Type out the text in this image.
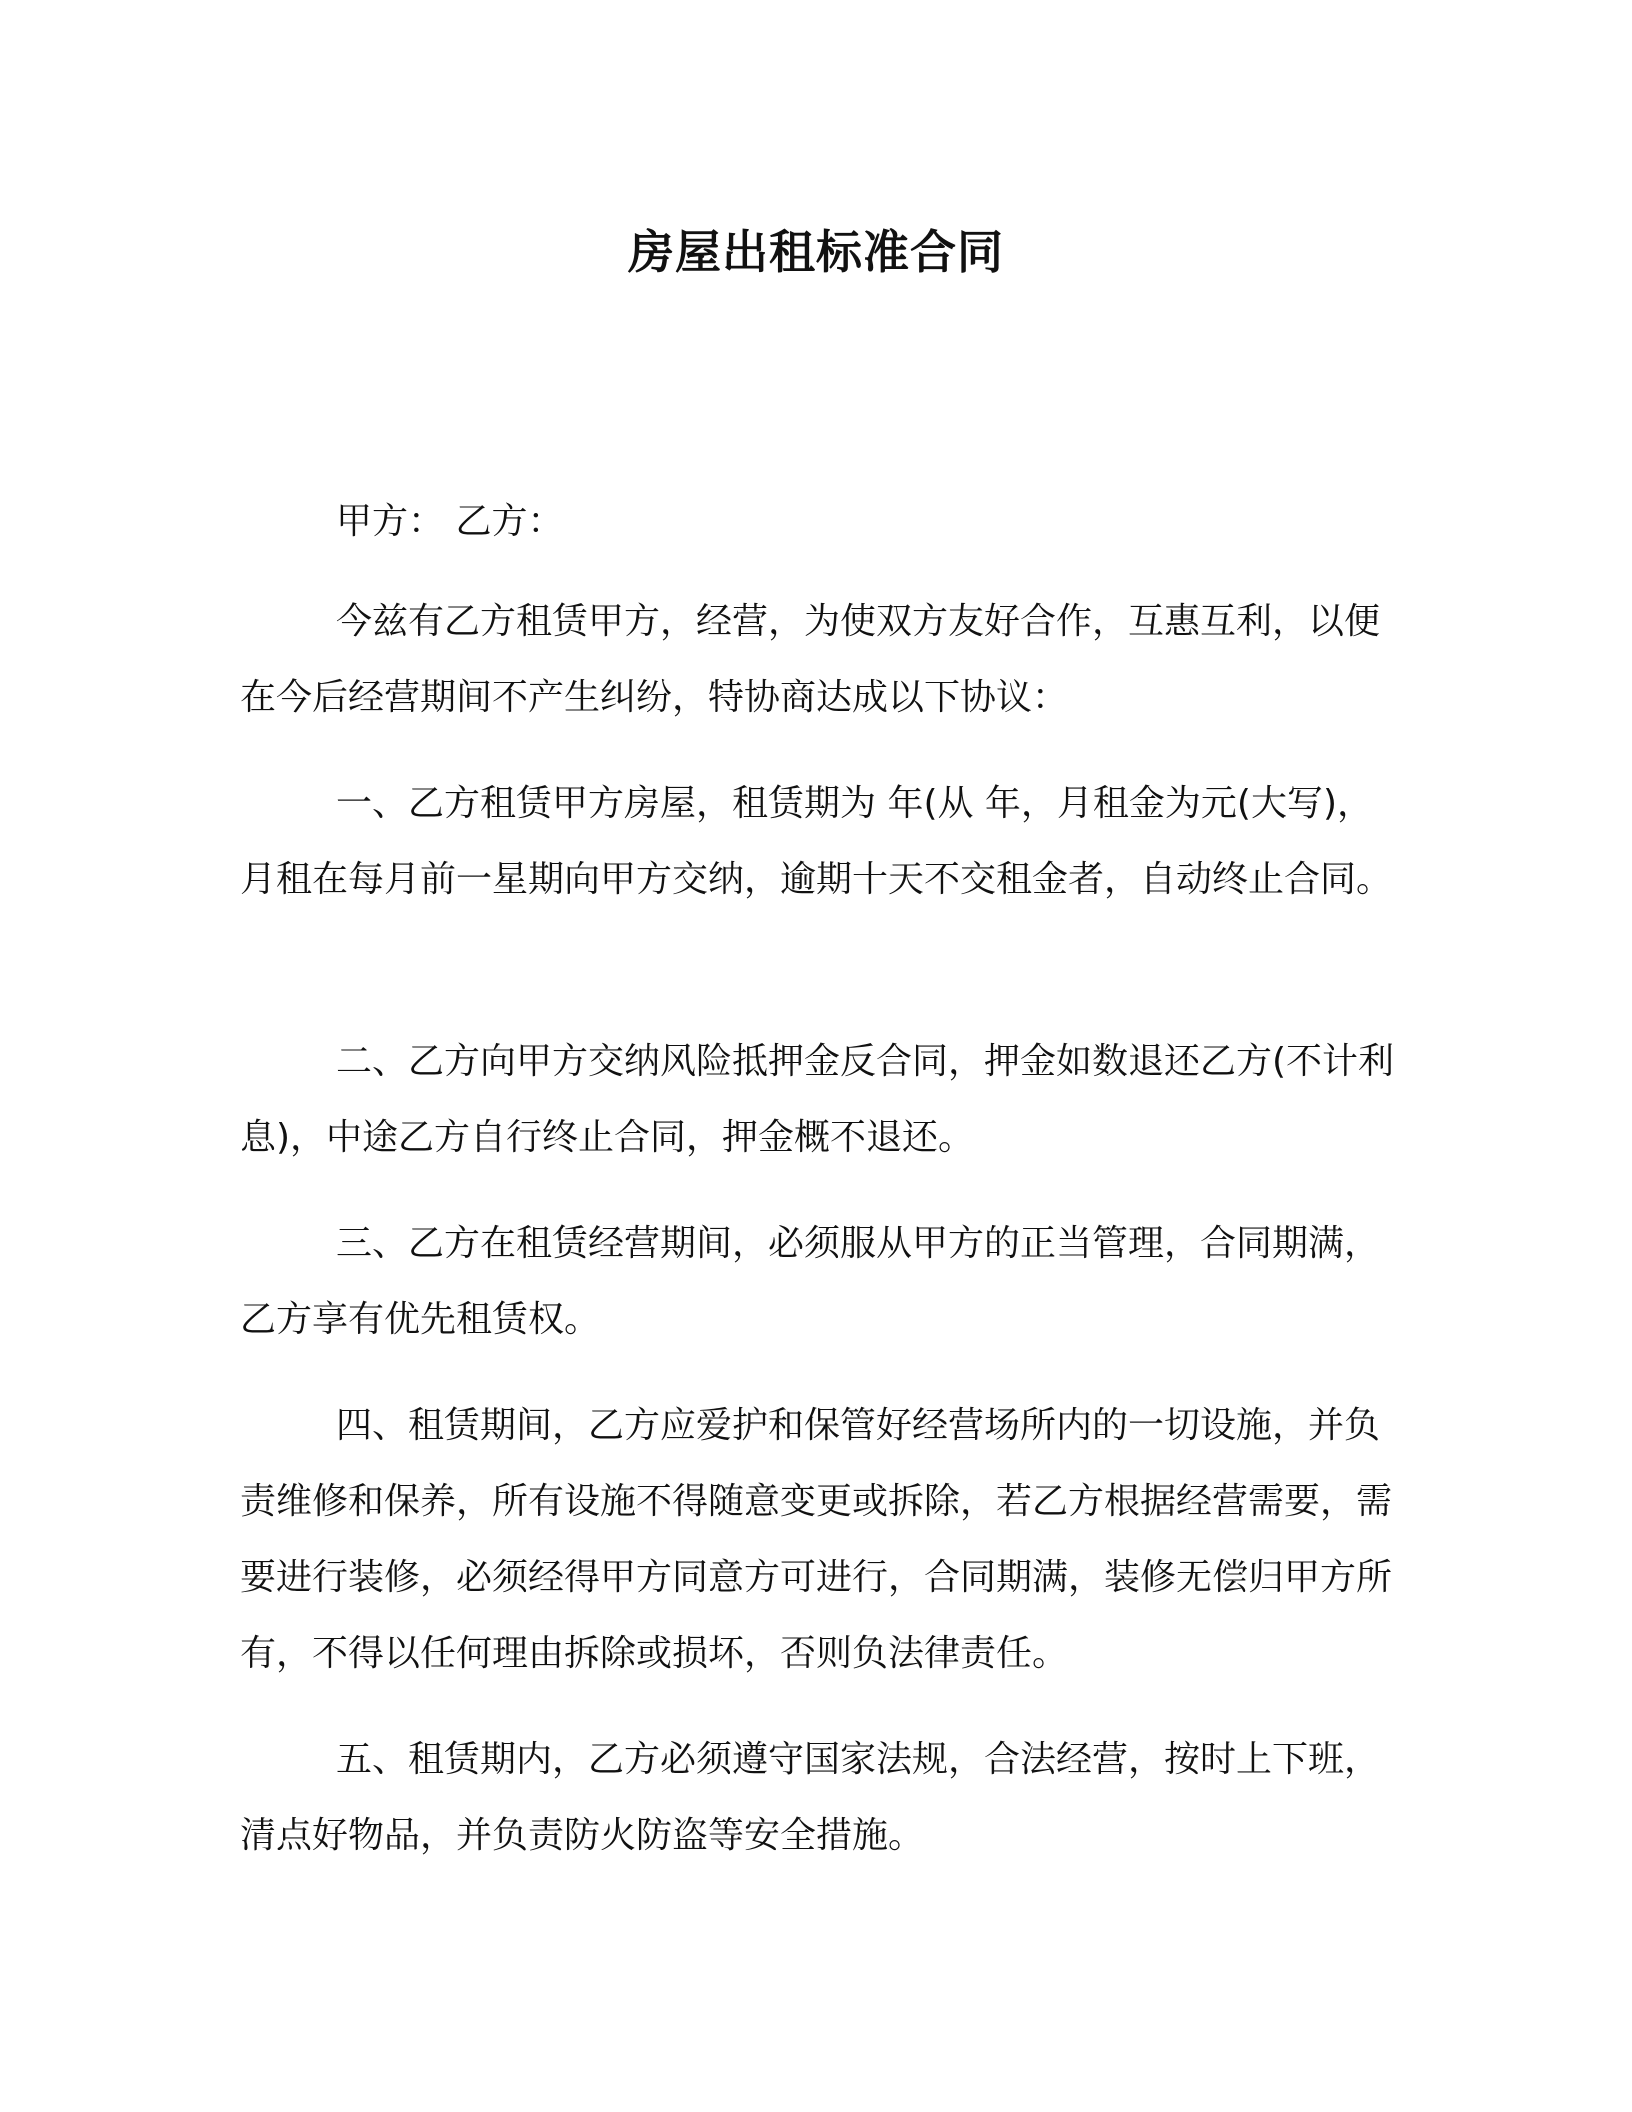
房屋出租标准合同

甲方： 乙方：

今兹有乙方租赁甲方，经营，为使双方友好合作，互惠互利，以便在今后经营期间不产生纠纷，特协商达成以下协议：

一、乙方租赁甲方房屋，租赁期为 年(从 年，月租金为元(大写)，月租在每月前一星期向甲方交纳，逾期十天不交租金者，自动终止合同。

二、乙方向甲方交纳风险抵押金反合同，押金如数退还乙方(不计利息)，中途乙方自行终止合同，押金概不退还。

三、乙方在租赁经营期间，必须服从甲方的正当管理，合同期满，乙方享有优先租赁权。

四、租赁期间，乙方应爱护和保管好经营场所内的一切设施，并负责维修和保养，所有设施不得随意变更或拆除，若乙方根据经营需要，需要进行装修，必须经得甲方同意方可进行，合同期满，装修无偿归甲方所有，不得以任何理由拆除或损坏，否则负法律责任。

五、租赁期内，乙方必须遵守国家法规，合法经营，按时上下班，清点好物品，并负责防火防盗等安全措施。
